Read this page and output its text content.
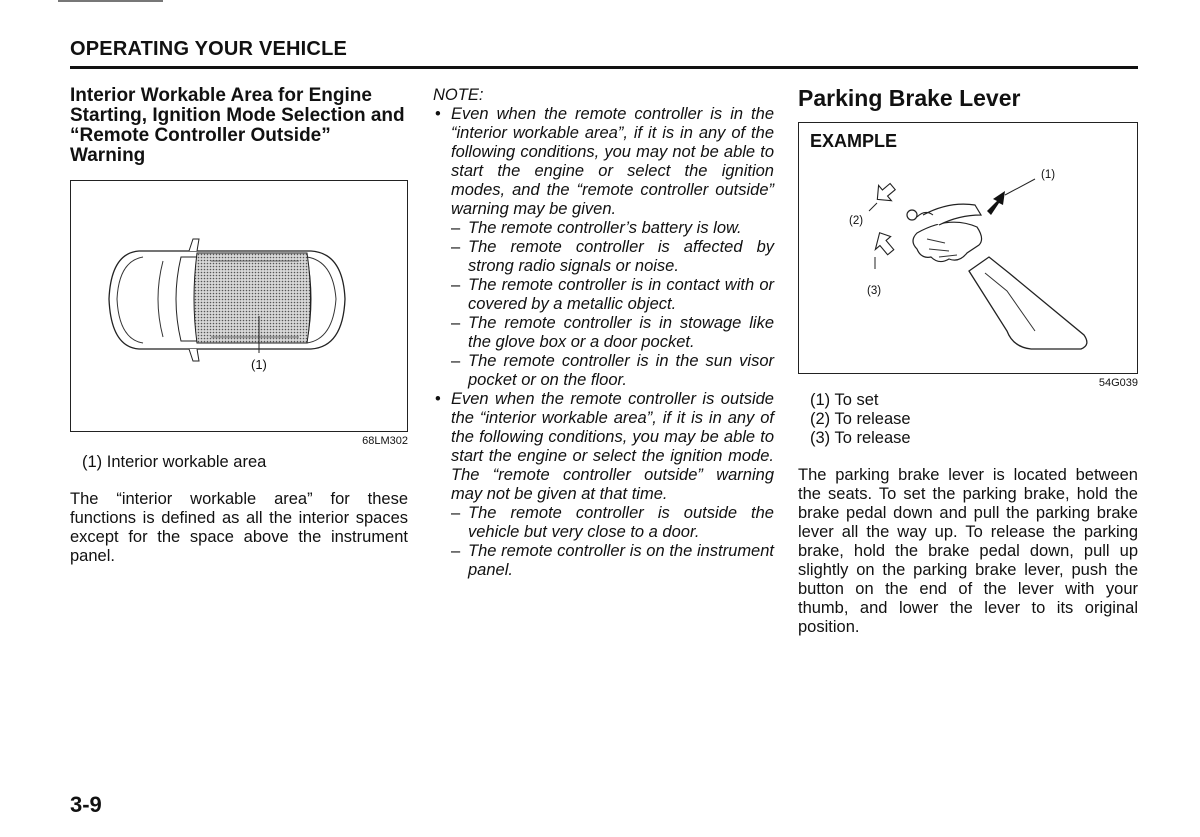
OPERATING YOUR VEHICLE
Interior Workable Area for Engine Starting, Ignition Mode Selection and “Remote Controller Outside” Warning
(1)
68LM302
(1) Interior workable area

The “interior workable area” for these functions is defined as all the interior spaces except for the space above the instrument panel.

NOTE:
• Even when the remote controller is in the “interior workable area”, if it is in any of the following conditions, you may not be able to start the engine or select the ignition modes, and the “remote controller outside” warning may be given.
– The remote controller’s battery is low.
– The remote controller is affected by strong radio signals or noise.
– The remote controller is in contact with or covered by a metallic object.
– The remote controller is in stowage like the glove box or a door pocket.
– The remote controller is in the sun visor pocket or on the floor.
• Even when the remote controller is outside the “interior workable area”, if it is in any of the following conditions, you may be able to start the engine or select the ignition mode. The “remote controller outside” warning may not be given at that time.
– The remote controller is outside the vehicle but very close to a door.
– The remote controller is on the instrument panel.
Parking Brake Lever
EXAMPLE
(1)
(2)
(3)
54G039
(1) To set
(2) To release
(3) To release

The parking brake lever is located between the seats. To set the parking brake, hold the brake pedal down and pull the parking brake lever all the way up. To release the parking brake, hold the brake pedal down, pull up slightly on the parking brake lever, push the button on the end of the lever with your thumb, and lower the lever to its original position.

3-9
